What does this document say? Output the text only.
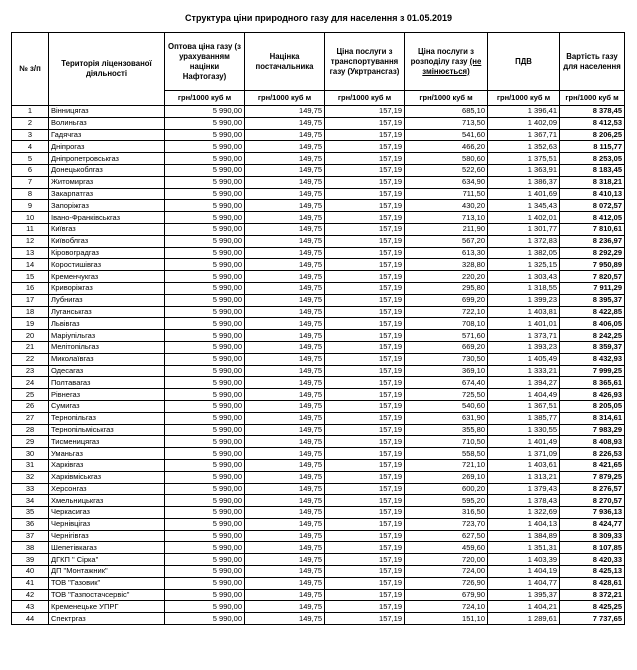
Структура ціни природного газу для населення з 01.05.2019
№ з/п	Територія ліцензованої діяльності	Оптова ціна газу (з урахуванням націнки Нафтогазу)	Націнка постачальника	Ціна послуги з транспортування газу (Укртрансгаз)	Ціна послуги з розподілу газу (не змінюється)	ПДВ	Вартість газу для населення
		грн/1000 куб м	грн/1000 куб м	грн/1000 куб м	грн/1000 куб м	грн/1000 куб м	грн/1000 куб м
1	Вінницягаз	5 990,00	149,75	157,19	685,10	1 396,41	8 378,45
2	Волиньгаз	5 990,00	149,75	157,19	713,50	1 402,09	8 412,53
3	Гадячгаз	5 990,00	149,75	157,19	541,60	1 367,71	8 206,25
4	Дніпрогаз	5 990,00	149,75	157,19	466,20	1 352,63	8 115,77
5	Дніпропетровськгаз	5 990,00	149,75	157,19	580,60	1 375,51	8 253,05
6	Донецькоблгаз	5 990,00	149,75	157,19	522,60	1 363,91	8 183,45
7	Житомиргаз	5 990,00	149,75	157,19	634,90	1 386,37	8 318,21
8	Закарпатгаз	5 990,00	149,75	157,19	711,50	1 401,69	8 410,13
9	Запоріжгаз	5 990,00	149,75	157,19	430,20	1 345,43	8 072,57
10	Івано-Франківськгаз	5 990,00	149,75	157,19	713,10	1 402,01	8 412,05
11	Київгаз	5 990,00	149,75	157,19	211,90	1 301,77	7 810,61
12	Київоблгаз	5 990,00	149,75	157,19	567,20	1 372,83	8 236,97
13	Кіровоградгаз	5 990,00	149,75	157,19	613,30	1 382,05	8 292,29
14	Коростишівгаз	5 990,00	149,75	157,19	328,80	1 325,15	7 950,89
15	Кременчукгаз	5 990,00	149,75	157,19	220,20	1 303,43	7 820,57
16	Криворіжгаз	5 990,00	149,75	157,19	295,80	1 318,55	7 911,29
17	Лубнигаз	5 990,00	149,75	157,19	699,20	1 399,23	8 395,37
18	Луганськгаз	5 990,00	149,75	157,19	722,10	1 403,81	8 422,85
19	Львівгаз	5 990,00	149,75	157,19	708,10	1 401,01	8 406,05
20	Маріупільгаз	5 990,00	149,75	157,19	571,60	1 373,71	8 242,25
21	Мелітопільгаз	5 990,00	149,75	157,19	669,20	1 393,23	8 359,37
22	Миколаївгаз	5 990,00	149,75	157,19	730,50	1 405,49	8 432,93
23	Одесагаз	5 990,00	149,75	157,19	369,10	1 333,21	7 999,25
24	Полтавагаз	5 990,00	149,75	157,19	674,40	1 394,27	8 365,61
25	Рівнегаз	5 990,00	149,75	157,19	725,50	1 404,49	8 426,93
26	Сумигаз	5 990,00	149,75	157,19	540,60	1 367,51	8 205,05
27	Тернопільгаз	5 990,00	149,75	157,19	631,90	1 385,77	8 314,61
28	Тернопільміськгаз	5 990,00	149,75	157,19	355,80	1 330,55	7 983,29
29	Тисменицягаз	5 990,00	149,75	157,19	710,50	1 401,49	8 408,93
30	Уманьгаз	5 990,00	149,75	157,19	558,50	1 371,09	8 226,53
31	Харківгаз	5 990,00	149,75	157,19	721,10	1 403,61	8 421,65
32	Харківміськгаз	5 990,00	149,75	157,19	269,10	1 313,21	7 879,25
33	Херсонгаз	5 990,00	149,75	157,19	600,20	1 379,43	8 276,57
34	Хмельницькгаз	5 990,00	149,75	157,19	595,20	1 378,43	8 270,57
35	Черкасигаз	5 990,00	149,75	157,19	316,50	1 322,69	7 936,13
36	Чернівцігаз	5 990,00	149,75	157,19	723,70	1 404,13	8 424,77
37	Чернігівгаз	5 990,00	149,75	157,19	627,50	1 384,89	8 309,33
38	Шепетівкагаз	5 990,00	149,75	157,19	459,60	1 351,31	8 107,85
39	ДГКП " Сірка"	5 990,00	149,75	157,19	720,00	1 403,39	8 420,33
40	ДП "Монтажник"	5 990,00	149,75	157,19	724,00	1 404,19	8 425,13
41	ТОВ "Газовик"	5 990,00	149,75	157,19	726,90	1 404,77	8 428,61
42	ТОВ "Газпостачсервіс"	5 990,00	149,75	157,19	679,90	1 395,37	8 372,21
43	Кременецьке УПРГ	5 990,00	149,75	157,19	724,10	1 404,21	8 425,25
44	Спектргаз	5 990,00	149,75	157,19	151,10	1 289,61	7 737,65
